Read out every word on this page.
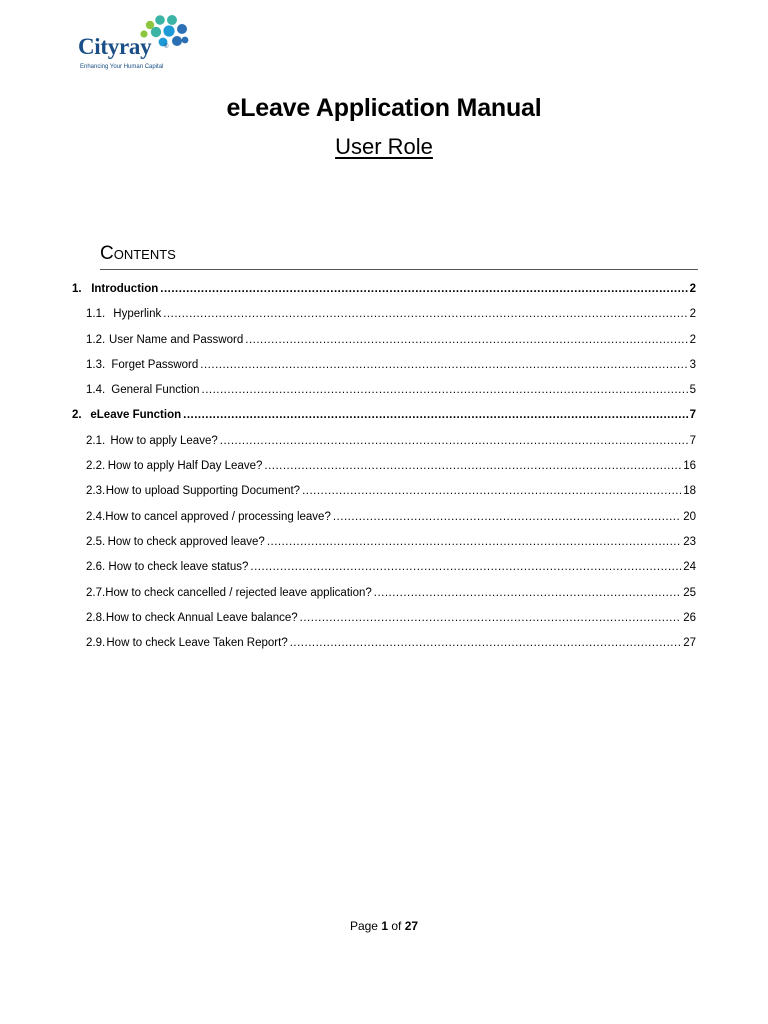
Cityray ®
Enhancing Your Human Capital
eLeave Application Manual
User Role
Contents
1. Introduction .....	2
1.1. Hyperlink .....	2
1.2. User Name and Password .....	2
1.3. Forget Password .....	3
1.4. General Function .....	5
2. eLeave Function .....	7
2.1. How to apply Leave? .....	7
2.2. How to apply Half Day Leave? .....	16
2.3. How to upload Supporting Document? .....	18
2.4. How to cancel approved / processing leave? .....	20
2.5. How to check approved leave? .....	23
2.6. How to check leave status? .....	24
2.7. How to check cancelled / rejected leave application? .....	25
2.8. How to check Annual Leave balance? .....	26
2.9. How to check Leave Taken Report? .....	27
Page 1 of 27
